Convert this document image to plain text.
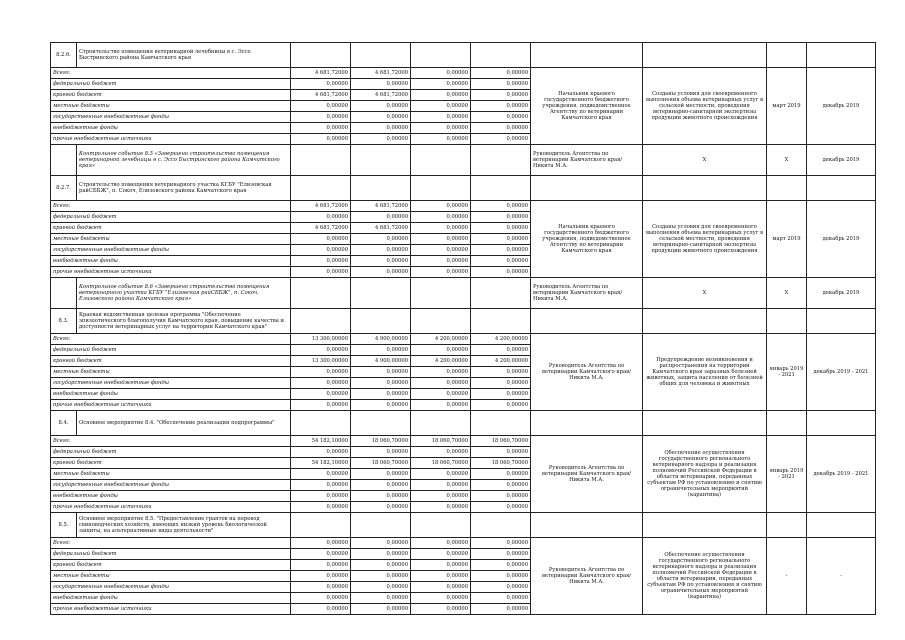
8.2.6.	Строительство помещения ветеринарной лечебницы в с. Эссо Быстринского района Камчатского края								
Всего:		4 681,72000	4 681,72000	0,00000	0,00000	Начальник краевого государственного бюджетного учреждения, подведомственное Агентству по ветеринарии Камчатского края	Созданы условия для своевременного выполнения объема ветеринарных услуг в сельской местности, проведения ветеринарно-санитарной экспертизы продукции животного происхождения	март 2019	декабрь 2019
федеральный бюджет		0,00000	0,00000	0,00000	0,00000				
краевой бюджет		4 681,72000	4 681,72000	0,00000	0,00000				
местные бюджеты		0,00000	0,00000	0,00000	0,00000				
государственные внебюджетные фонды		0,00000	0,00000	0,00000	0,00000				
внебюджетные фонды		0,00000	0,00000	0,00000	0,00000				
прочие внебюджетные источники		0,00000	0,00000	0,00000	0,00000				
	Контрольное событие 8.5 «Завершено строительство помещения ветеринарной лечебницы в с. Эссо Быстринского района Камчатского края»					Руководитель Агентства по ветеринарии Камчатского края/ Никита М.А.	Х	Х	декабрь 2019
8.2.7.	Строительство помещения ветеринарного участка КГБУ "Елизовская райСББЖ", п. Сокоч, Елизовского района Камчатского края								
Всего:		4 681,72000	4 681,72000	0,00000	0,00000	Начальник краевого государственного бюджетного учреждения, подведомственное Агентству по ветеринарии Камчатского края	Созданы условия для своевременного выполнения объема ветеринарных услуг в сельской местности, проведения ветеринарно-санитарной экспертизы продукции животного происхождения	март 2019	декабрь 2019
федеральный бюджет		0,00000	0,00000	0,00000	0,00000				
краевой бюджет		4 681,72000	4 681,72000	0,00000	0,00000				
местные бюджеты		0,00000	0,00000	0,00000	0,00000				
государственные внебюджетные фонды		0,00000	0,00000	0,00000	0,00000				
внебюджетные фонды		0,00000	0,00000	0,00000	0,00000				
прочие внебюджетные источники		0,00000	0,00000	0,00000	0,00000				
	Контрольное событие 8.6 «Завершено строительство помещения ветеринарного участка КГБУ "Елизовская райСББЖ", п. Сокоч, Елизовского района Камчатского края»					Руководитель Агентства по ветеринарии Камчатского края/ Никита М.А.	Х	Х	декабрь 2019
8.3.	Краевая ведомственная целевая программа "Обеспечение эпизоотического благополучия Камчатского края, повышение качества и доступности ветеринарных услуг на территории Камчатского края"								
Всего:		13 300,00000	4 900,00000	4 200,00000	4 200,00000	Руководитель Агентства по ветеринарии Камчатского края/ Никита М.А.	Предупреждение возникновения и распространения на территории Камчатского края заразных болезней животных, защита населения от болезней общих для человека и животных	январь 2019 - 2021	декабрь 2019 - 2021
федеральный бюджет		0,00000	0,00000	0,00000	0,00000				
краевой бюджет		13 300,00000	4 900,00000	4 200,00000	4 200,00000				
местные бюджеты		0,00000	0,00000	0,00000	0,00000				
государственные внебюджетные фонды		0,00000	0,00000	0,00000	0,00000				
внебюджетные фонды		0,00000	0,00000	0,00000	0,00000				
прочие внебюджетные источники		0,00000	0,00000	0,00000	0,00000				
8.4.	Основное мероприятие 8.4. "Обеспечение реализации подпрограммы"								
Всего:		54 182,10000	18 060,70000	18 060,70000	18 060,70000	Руководитель Агентства по ветеринарии Камчатского края/ Никита М.А.	Обеспечение осуществления государственного регионального ветеринарного надзора и реализация полномочий Российской Федерации в области ветеринарии, переданных субъектам РФ по установлению и снятию ограничительных мероприятий (карантина)	январь 2019 - 2021	декабрь 2019 - 2021
федеральный бюджет		0,00000	0,00000	0,00000	0,00000				
краевой бюджет		54 182,10000	18 060,70000	18 060,70000	18 060,70000				
местные бюджеты		0,00000	0,00000	0,00000	0,00000				
государственные внебюджетные фонды		0,00000	0,00000	0,00000	0,00000				
внебюджетные фонды		0,00000	0,00000	0,00000	0,00000				
прочие внебюджетные источники		0,00000	0,00000	0,00000	0,00000				
8.5.	Основное мероприятие 8.5. "Предоставление грантов на перевод свиноводческих хозяйств, имеющих низкий уровень биологической защиты, на альтернативные виды деятельности"								
Всего:		0,00000	0,00000	0,00000	0,00000	Руководитель Агентства по ветеринарии Камчатского края/ Никита М.А.	Обеспечение осуществления государственного регионального ветеринарного надзора и реализация полномочий Российской Федерации в области ветеринарии, переданных субъектам РФ по установлению и снятию ограничительных мероприятий (карантина)	-	-
федеральный бюджет		0,00000	0,00000	0,00000	0,00000				
краевой бюджет		0,00000	0,00000	0,00000	0,00000				
местные бюджеты		0,00000	0,00000	0,00000	0,00000				
государственные внебюджетные фонды		0,00000	0,00000	0,00000	0,00000				
внебюджетные фонды		0,00000	0,00000	0,00000	0,00000				
прочие внебюджетные источники		0,00000	0,00000	0,00000	0,00000				
